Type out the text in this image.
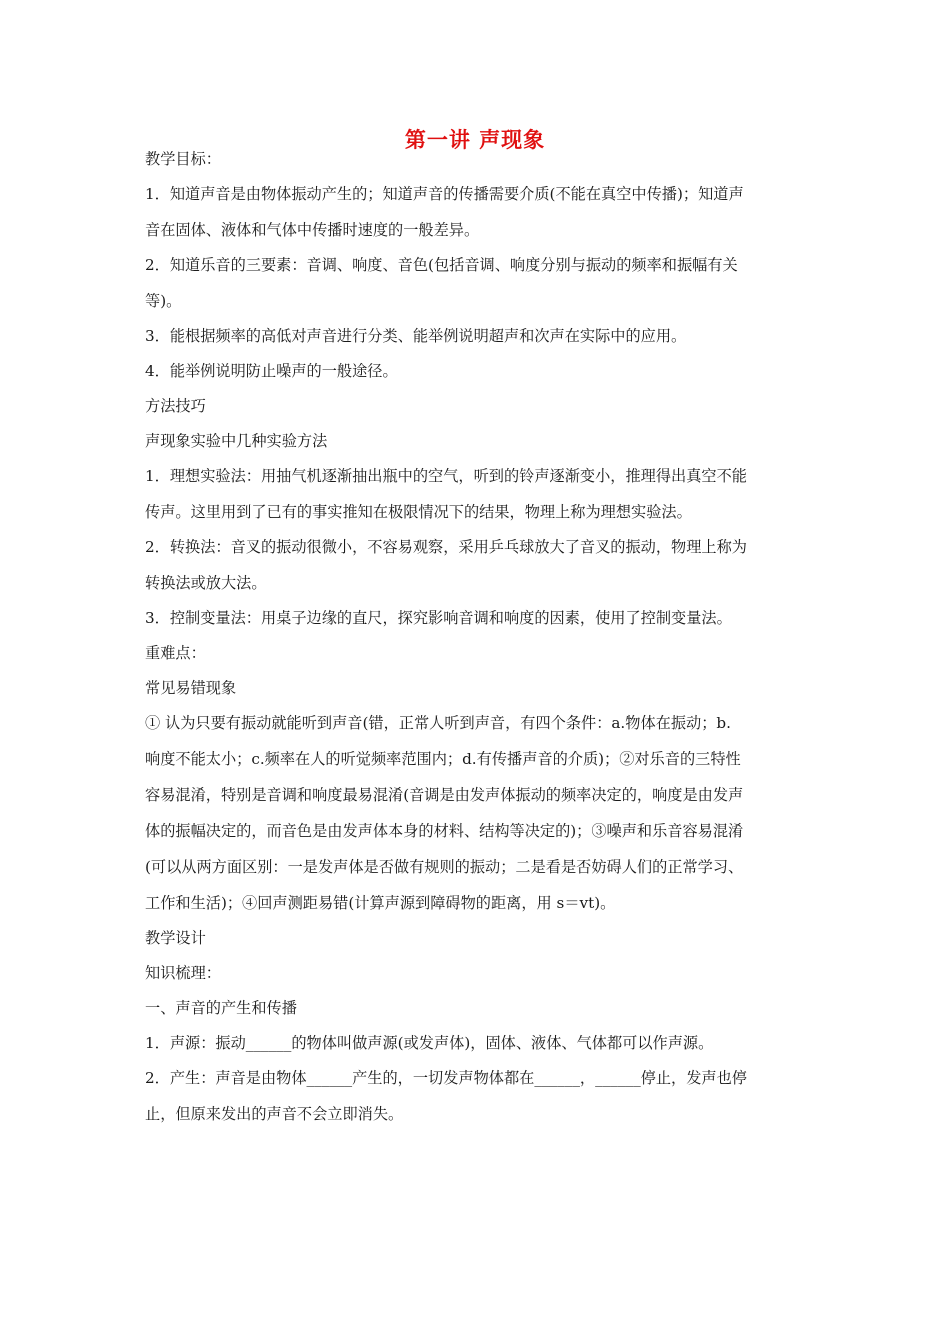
第一讲 声现象
教学目标：
1．知道声音是由物体振动产生的；知道声音的传播需要介质(不能在真空中传播)；知道声
音在固体、液体和气体中传播时速度的一般差异。
2．知道乐音的三要素：音调、响度、音色(包括音调、响度分别与振动的频率和振幅有关
等)。
3．能根据频率的高低对声音进行分类、能举例说明超声和次声在实际中的应用。
4．能举例说明防止噪声的一般途径。
方法技巧
声现象实验中几种实验方法
1．理想实验法：用抽气机逐渐抽出瓶中的空气，听到的铃声逐渐变小，推理得出真空不能
传声。这里用到了已有的事实推知在极限情况下的结果，物理上称为理想实验法。
2．转换法：音叉的振动很微小，不容易观察，采用乒乓球放大了音叉的振动，物理上称为
转换法或放大法。
3．控制变量法：用桌子边缘的直尺，探究影响音调和响度的因素，使用了控制变量法。
重难点：
常见易错现象
① 认为只要有振动就能听到声音(错，正常人听到声音，有四个条件：a.物体在振动；b.
响度不能太小；c.频率在人的听觉频率范围内；d.有传播声音的介质)；②对乐音的三特性
容易混淆，特别是音调和响度最易混淆(音调是由发声体振动的频率决定的，响度是由发声
体的振幅决定的，而音色是由发声体本身的材料、结构等决定的)；③噪声和乐音容易混淆
(可以从两方面区别：一是发声体是否做有规则的振动；二是看是否妨碍人们的正常学习、
工作和生活)；④回声测距易错(计算声源到障碍物的距离，用 s＝vt)。
教学设计
知识梳理：
一、声音的产生和传播
1．声源：振动______的物体叫做声源(或发声体)，固体、液体、气体都可以作声源。
2．产生：声音是由物体______产生的，一切发声物体都在______，______停止，发声也停
止，但原来发出的声音不会立即消失。
